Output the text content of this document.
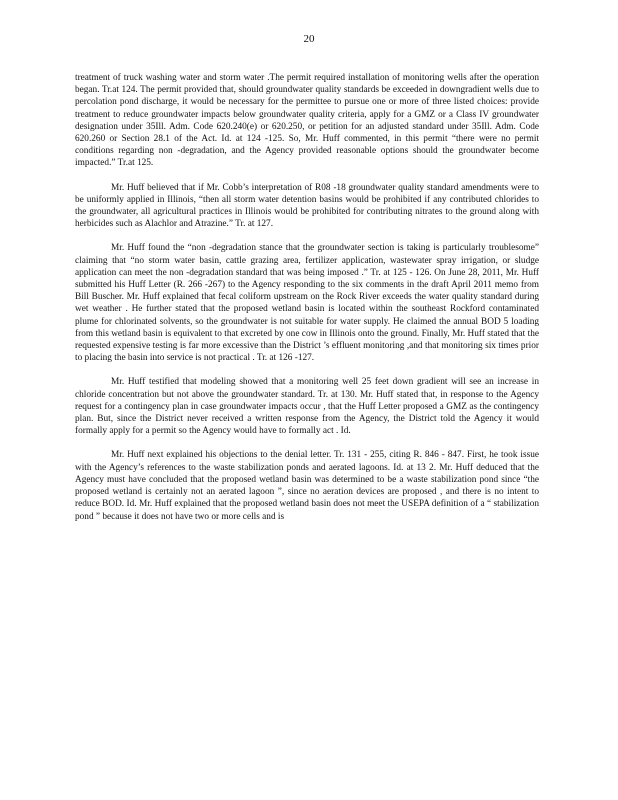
20

treatment of truck washing water and storm water .The permit required installation of monitoring wells after the operation began. Tr.at 124. The permit provided that, should groundwater quality standards be exceeded in downgradient wells due to percolation pond discharge, it would be necessary for the permittee to pursue one or more of three listed choices: provide treatment to reduce groundwater impacts below groundwater quality criteria, apply for a GMZ or a Class IV groundwater designation under 35Ill. Adm. Code 620.240(e) or 620.250, or petition for an adjusted standard under 35Ill. Adm. Code 620.260 or Section 28.1 of the Act. Id. at 124 -125. So, Mr. Huff commented, in this permit “there were no permit conditions regarding non -degradation, and the Agency provided reasonable options should the groundwater become impacted.” Tr.at 125.

Mr. Huff believed that if Mr. Cobb’s interpretation of R08 -18 groundwater quality standard amendments were to be uniformly applied in Illinois, “then all storm water detention basins would be prohibited if any contributed chlorides to the groundwater, all agricultural practices in Illinois would be prohibited for contributing nitrates to the ground along with herbicides such as Alachlor and Atrazine.” Tr. at 127.

Mr. Huff found the “non -degradation stance that the groundwater section is taking is particularly troublesome” claiming that “no storm water basin, cattle grazing area, fertilizer application, wastewater spray irrigation, or sludge application can meet the non -degradation standard that was being imposed .” Tr. at 125 - 126. On June 28, 2011, Mr. Huff submitted his Huff Letter (R. 266 -267) to the Agency responding to the six comments in the draft April 2011 memo from Bill Buscher. Mr. Huff explained that fecal coliform upstream on the Rock River exceeds the water quality standard during wet weather . He further stated that the proposed wetland basin is located within the southeast Rockford contaminated plume for chlorinated solvents, so the groundwater is not suitable for water supply. He claimed the annual BOD 5 loading from this wetland basin is equivalent to that excreted by one cow in Illinois onto the ground. Finally, Mr. Huff stated that the requested expensive testing is far more excessive than the District ’s effluent monitoring ,and that monitoring six times prior to placing the basin into service is not practical . Tr. at 126 -127.

Mr. Huff testified that modeling showed that a monitoring well 25 feet down gradient will see an increase in chloride concentration but not above the groundwater standard. Tr. at 130. Mr. Huff stated that, in response to the Agency request for a contingency plan in case groundwater impacts occur , that the Huff Letter proposed a GMZ as the contingency plan. But, since the District never received a written response from the Agency, the District told the Agency it would formally apply for a permit so the Agency would have to formally act . Id.

Mr. Huff next explained his objections to the denial letter. Tr. 131 - 255, citing R. 846 - 847. First, he took issue with the Agency’s references to the waste stabilization ponds and aerated lagoons. Id. at 13 2. Mr. Huff deduced that the Agency must have concluded that the proposed wetland basin was determined to be a waste stabilization pond since “the proposed wetland is certainly not an aerated lagoon ”, since no aeration devices are proposed , and there is no intent to reduce BOD. Id. Mr. Huff explained that the proposed wetland basin does not meet the USEPA definition of a “ stabilization pond ” because it does not have two or more cells and is
